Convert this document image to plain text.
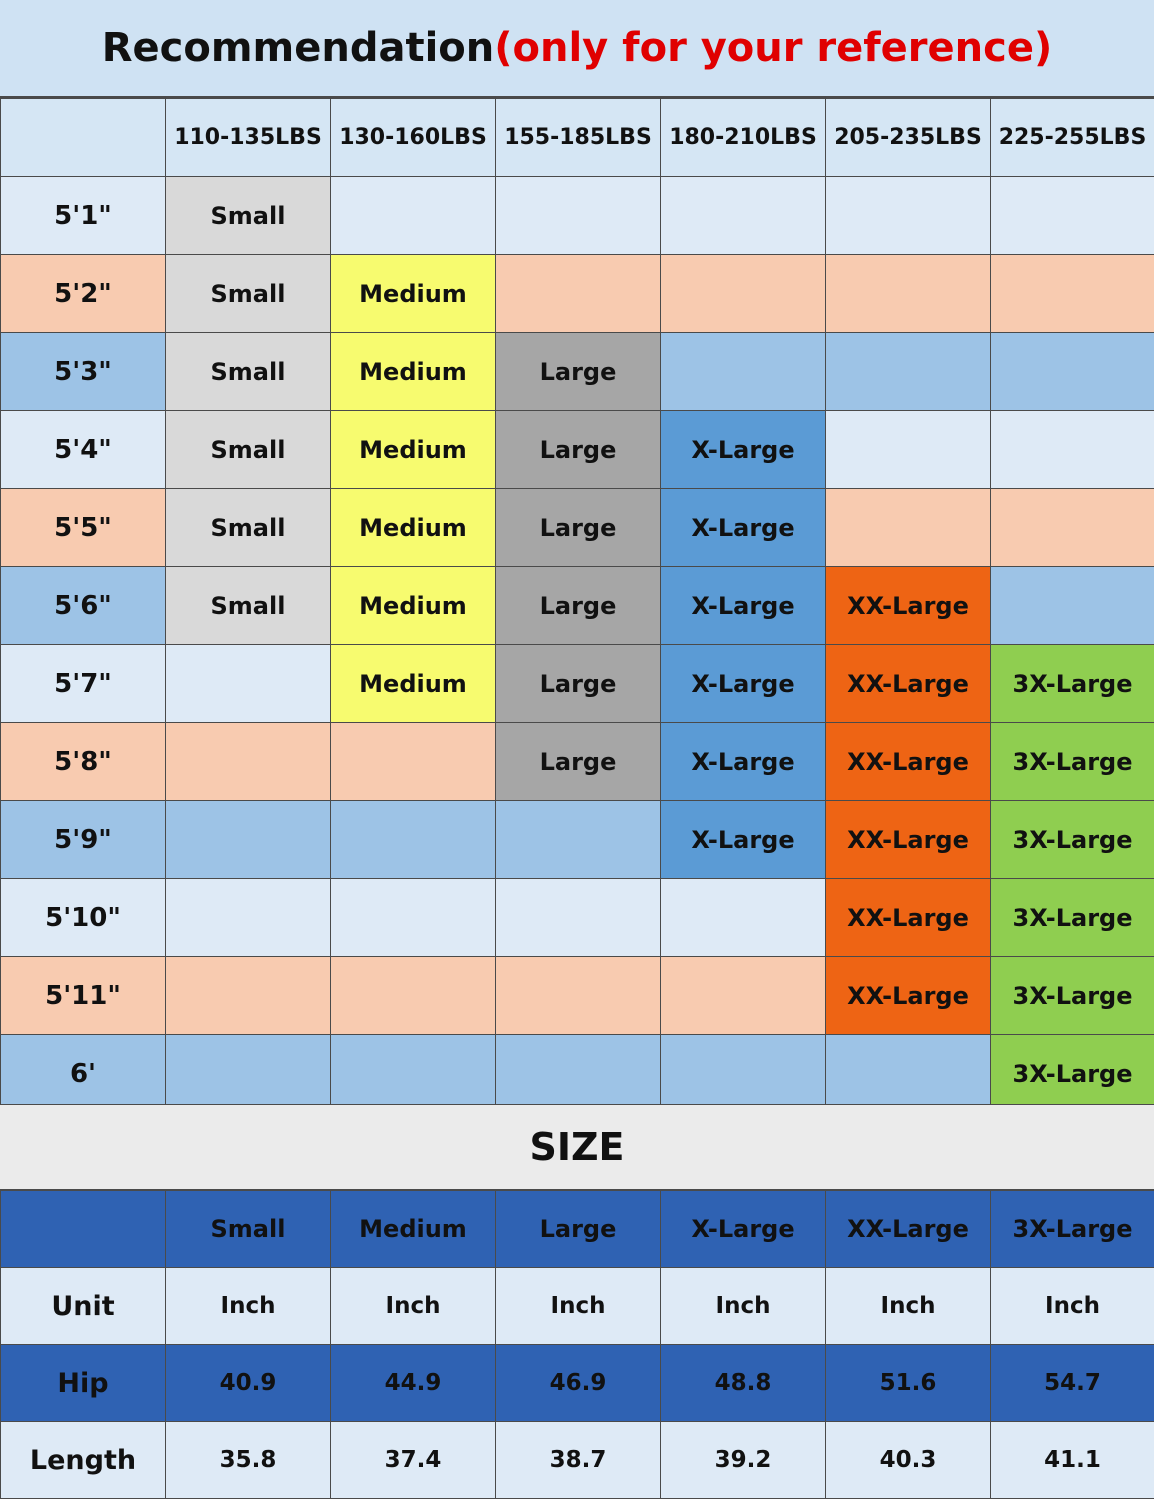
Recommendation (only for your reference)
	110-135LBS	130-160LBS	155-185LBS	180-210LBS	205-235LBS	225-255LBS
5'1"	Small					
5'2"	Small	Medium				
5'3"	Small	Medium	Large			
5'4"	Small	Medium	Large	X-Large		
5'5"	Small	Medium	Large	X-Large		
5'6"	Small	Medium	Large	X-Large	XX-Large	
5'7"		Medium	Large	X-Large	XX-Large	3X-Large
5'8"			Large	X-Large	XX-Large	3X-Large
5'9"				X-Large	XX-Large	3X-Large
5'10"					XX-Large	3X-Large
5'11"					XX-Large	3X-Large
6'						3X-Large
SIZE
	Small	Medium	Large	X-Large	XX-Large	3X-Large
Unit	Inch	Inch	Inch	Inch	Inch	Inch
Hip	40.9	44.9	46.9	48.8	51.6	54.7
Length	35.8	37.4	38.7	39.2	40.3	41.1
